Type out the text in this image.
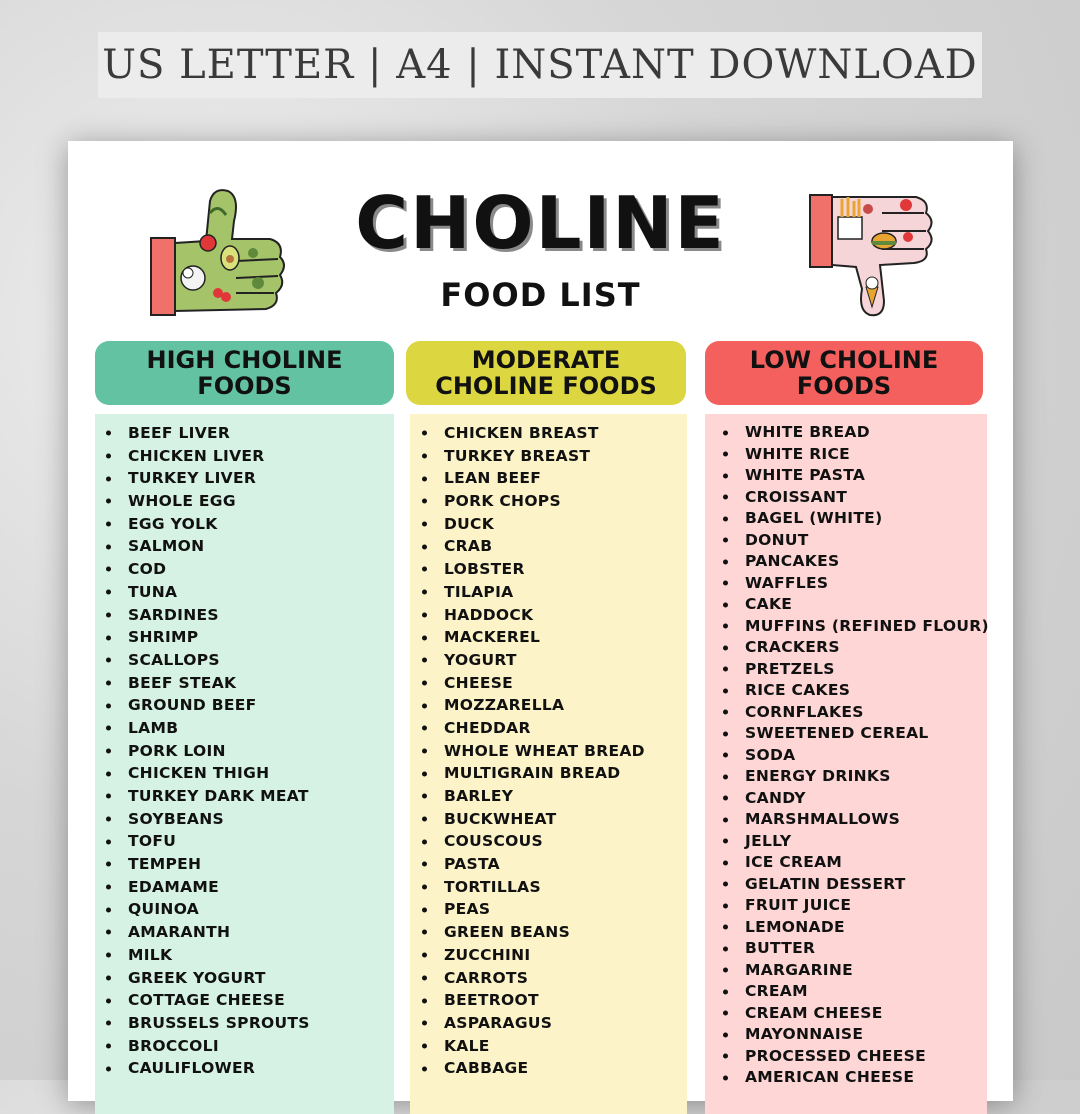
US LETTER | A4 | INSTANT DOWNLOAD
CHOLINE
FOOD LIST
HIGH CHOLINE
FOODS
BEEF LIVER
CHICKEN LIVER
TURKEY LIVER
WHOLE EGG
EGG YOLK
SALMON
COD
TUNA
SARDINES
SHRIMP
SCALLOPS
BEEF STEAK
GROUND BEEF
LAMB
PORK LOIN
CHICKEN THIGH
TURKEY DARK MEAT
SOYBEANS
TOFU
TEMPEH
EDAMAME
QUINOA
AMARANTH
MILK
GREEK YOGURT
COTTAGE CHEESE
BRUSSELS SPROUTS
BROCCOLI
CAULIFLOWER
MODERATE
CHOLINE FOODS
CHICKEN BREAST
TURKEY BREAST
LEAN BEEF
PORK CHOPS
DUCK
CRAB
LOBSTER
TILAPIA
HADDOCK
MACKEREL
YOGURT
CHEESE
MOZZARELLA
CHEDDAR
WHOLE WHEAT BREAD
MULTIGRAIN BREAD
BARLEY
BUCKWHEAT
COUSCOUS
PASTA
TORTILLAS
PEAS
GREEN BEANS
ZUCCHINI
CARROTS
BEETROOT
ASPARAGUS
KALE
CABBAGE
LOW CHOLINE
FOODS
WHITE BREAD
WHITE RICE
WHITE PASTA
CROISSANT
BAGEL (WHITE)
DONUT
PANCAKES
WAFFLES
CAKE
MUFFINS (REFINED FLOUR)
CRACKERS
PRETZELS
RICE CAKES
CORNFLAKES
SWEETENED CEREAL
SODA
ENERGY DRINKS
CANDY
MARSHMALLOWS
JELLY
ICE CREAM
GELATIN DESSERT
FRUIT JUICE
LEMONADE
BUTTER
MARGARINE
CREAM
CREAM CHEESE
MAYONNAISE
PROCESSED CHEESE
AMERICAN CHEESE
